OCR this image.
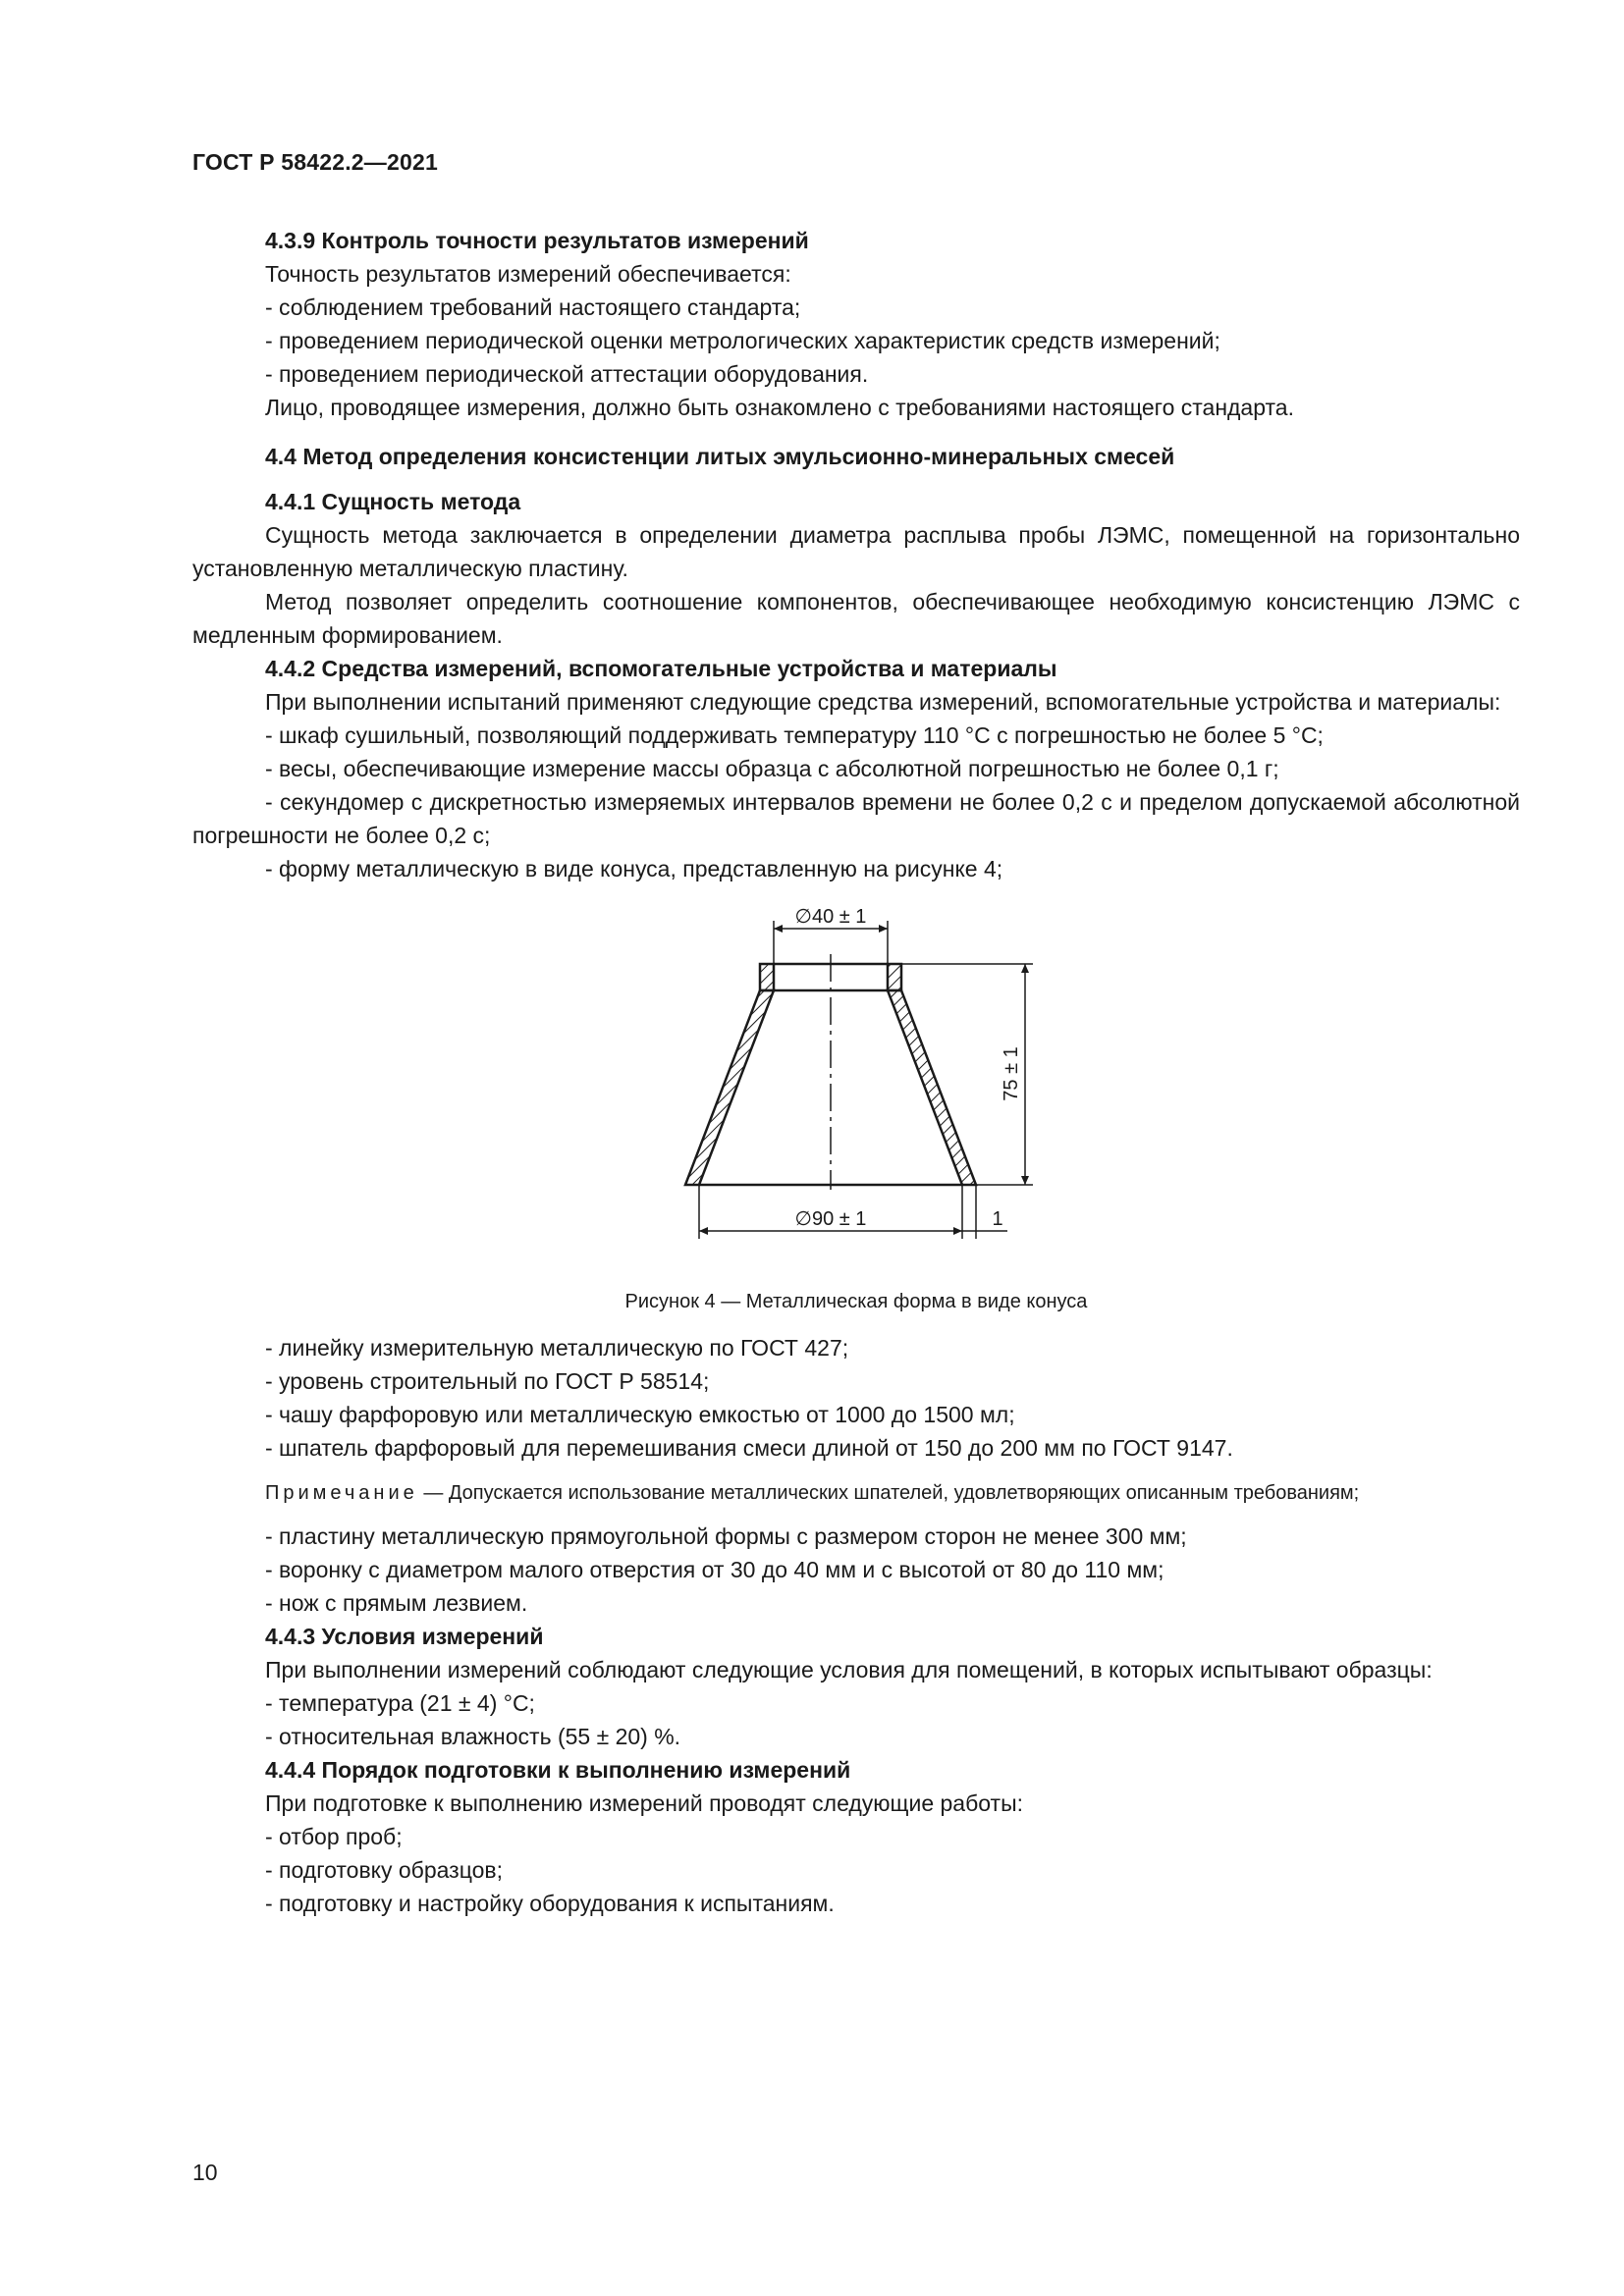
ГОСТ Р 58422.2—2021

4.3.9 Контроль точности результатов измерений

Точность результатов измерений обеспечивается:

- соблюдением требований настоящего стандарта;

- проведением периодической оценки метрологических характеристик средств измерений;

- проведением периодической аттестации оборудования.

Лицо, проводящее измерения, должно быть ознакомлено с требованиями настоящего стандарта.

4.4 Метод определения консистенции литых эмульсионно-минеральных смесей

4.4.1 Сущность метода

Сущность метода заключается в определении диаметра расплыва пробы ЛЭМС, помещенной на горизонтально установленную металлическую пластину.

Метод позволяет определить соотношение компонентов, обеспечивающее необходимую консистенцию ЛЭМС с медленным формированием.

4.4.2 Средства измерений, вспомогательные устройства и материалы

При выполнении испытаний применяют следующие средства измерений, вспомогательные устройства и материалы:

- шкаф сушильный, позволяющий поддерживать температуру 110 °С с погрешностью не более 5 °С;

- весы, обеспечивающие измерение массы образца с абсолютной погрешностью не более 0,1 г;

- секундомер с дискретностью измеряемых интервалов времени не более 0,2 с и пределом допускаемой абсолютной погрешности не более 0,2 с;

- форму металлическую в виде конуса, представленную на рисунке 4;

∅40 ± 1
∅90 ± 1	1
75 ± 1

Рисунок 4 — Металлическая форма в виде конуса

- линейку измерительную металлическую по ГОСТ 427;

- уровень строительный по ГОСТ Р 58514;

- чашу фарфоровую или металлическую емкостью от 1000 до 1500 мл;

- шпатель фарфоровый для перемешивания смеси длиной от 150 до 200 мм по ГОСТ 9147.

Примечание — Допускается использование металлических шпателей, удовлетворяющих описанным требованиям;

- пластину металлическую прямоугольной формы с размером сторон не менее 300 мм;

- воронку с диаметром малого отверстия от 30 до 40 мм и с высотой от 80 до 110 мм;

- нож с прямым лезвием.

4.4.3 Условия измерений

При выполнении измерений соблюдают следующие условия для помещений, в которых испытывают образцы:

- температура (21 ± 4) °С;

- относительная влажность (55 ± 20) %.

4.4.4 Порядок подготовки к выполнению измерений

При подготовке к выполнению измерений проводят следующие работы:

- отбор проб;

- подготовку образцов;

- подготовку и настройку оборудования к испытаниям.

10
